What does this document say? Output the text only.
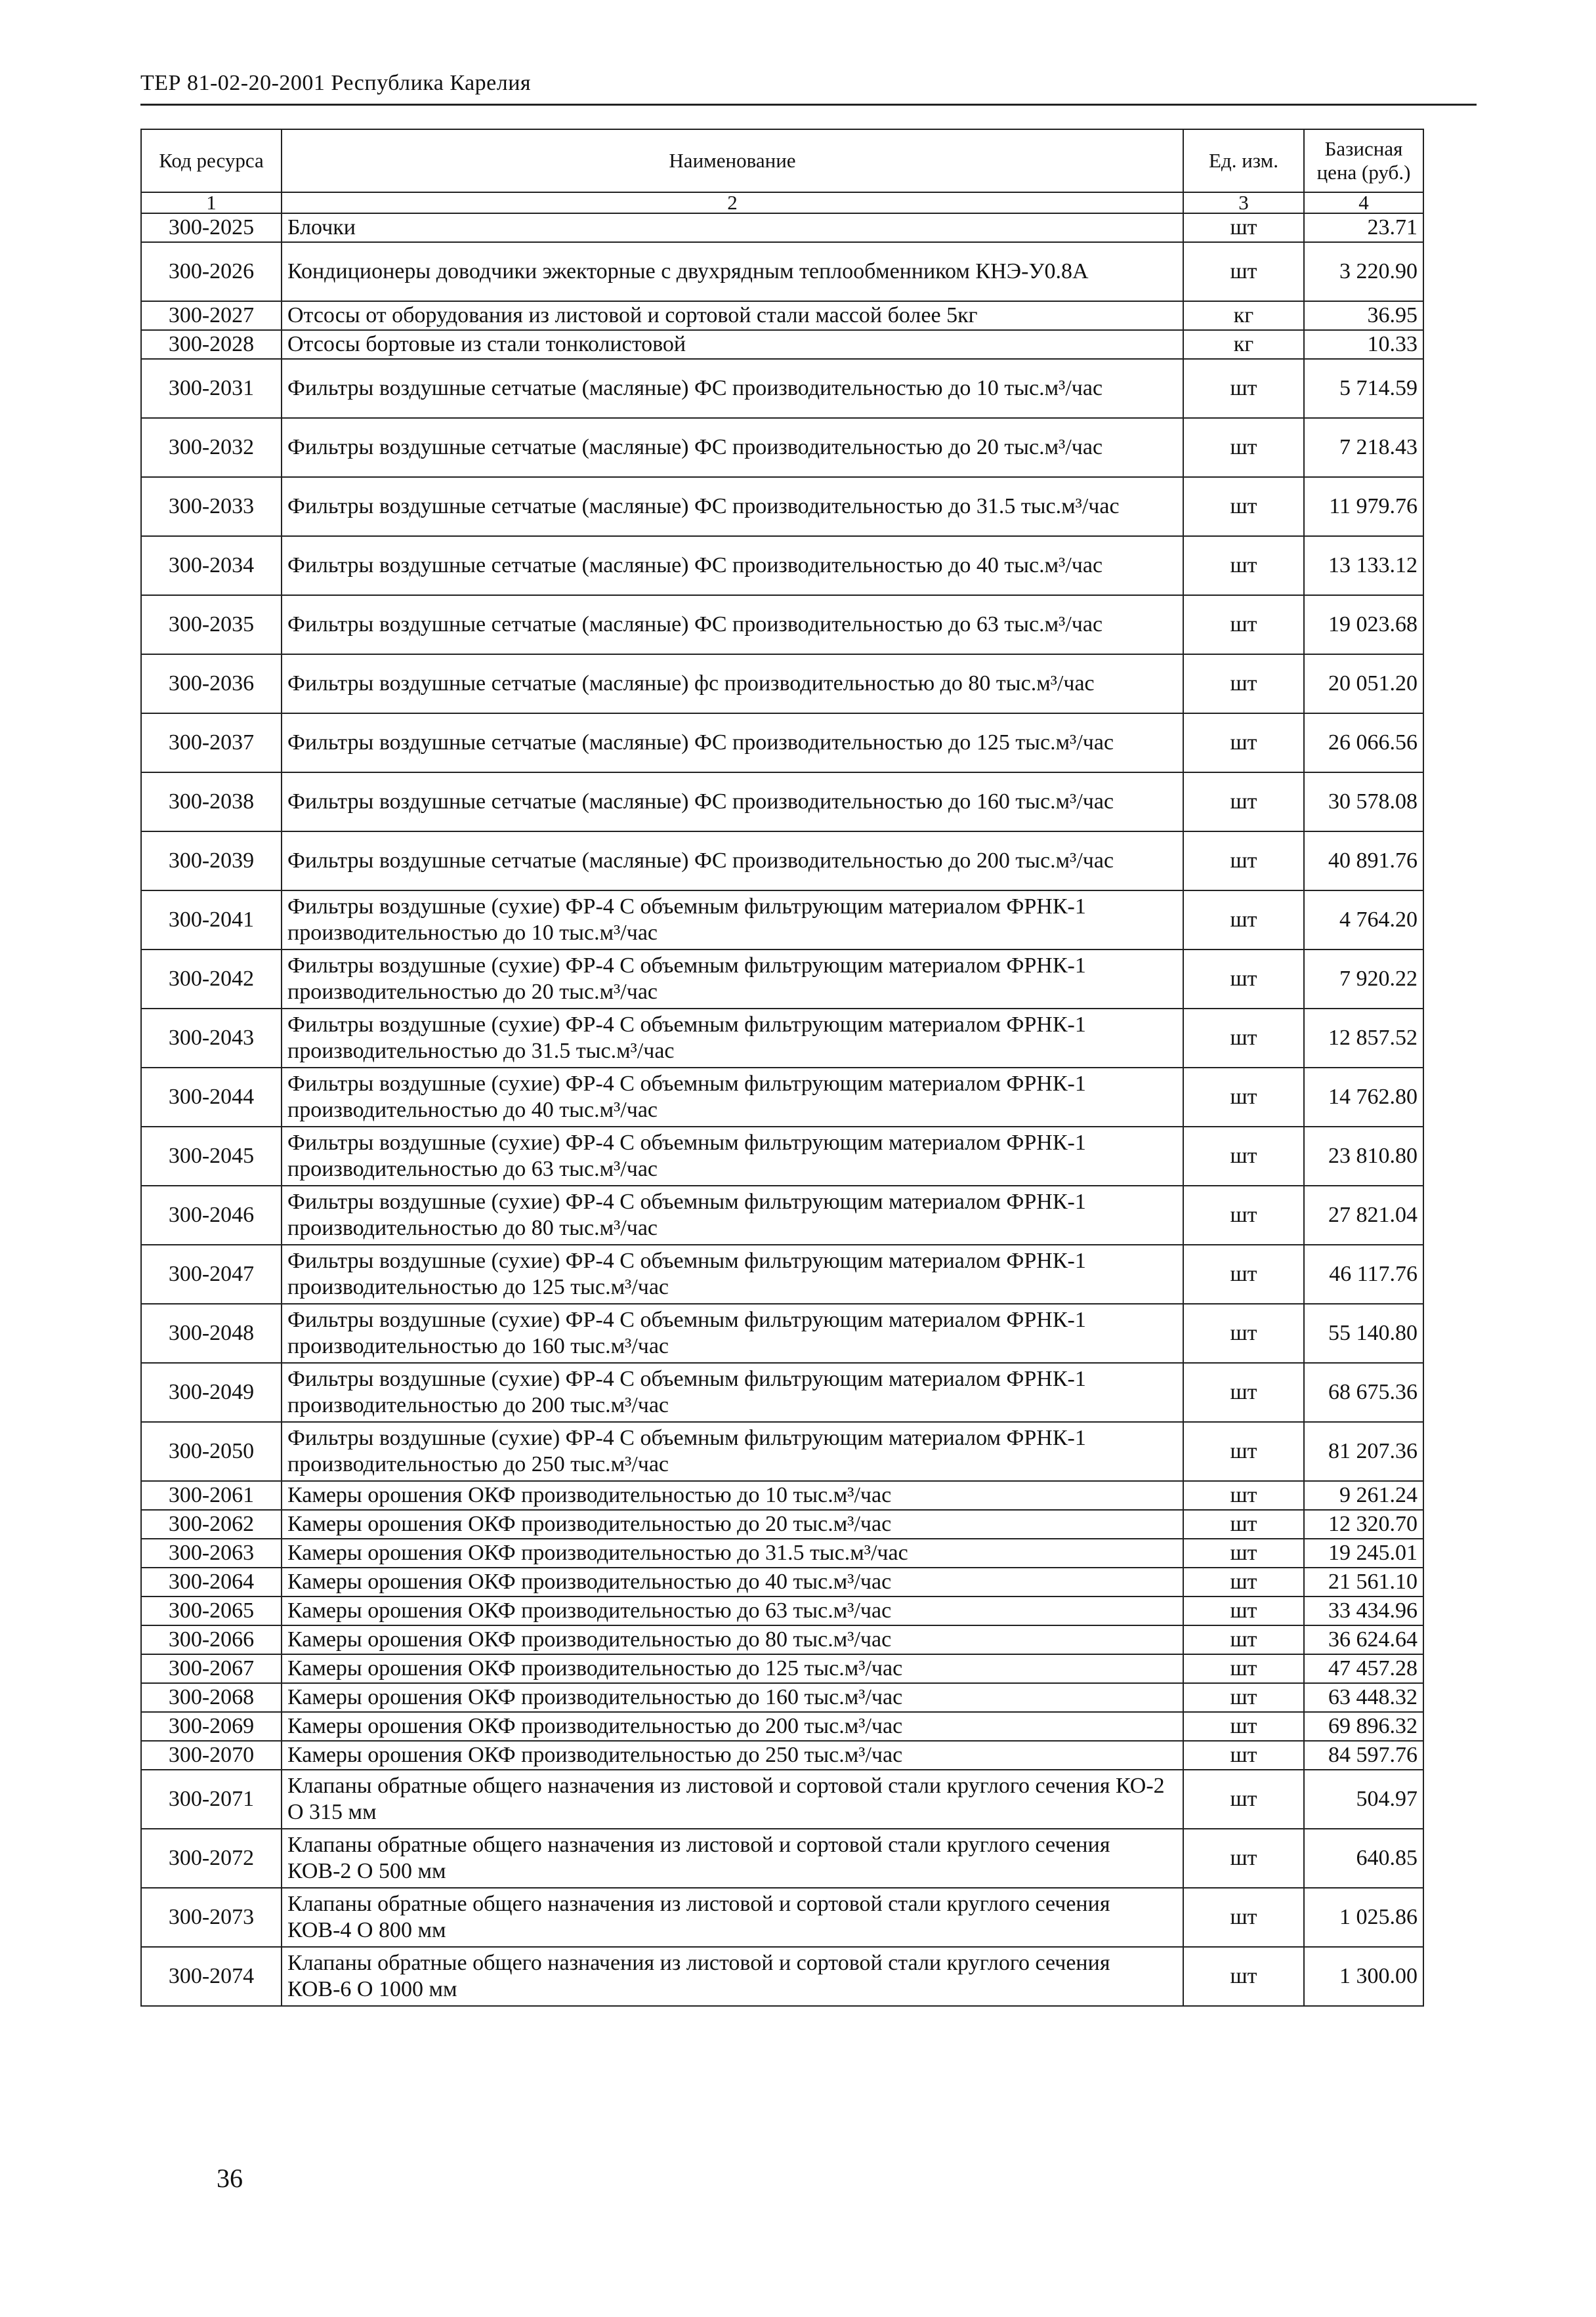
ТЕР 81-02-20-2001 Республика Карелия
Код ресурса	Наименование	Ед. изм.	Базисная цена (руб.)
1	2	3	4
300-2025	Блочки	шт	23.71
300-2026	Кондиционеры доводчики эжекторные с двухрядным теплообменником КНЭ-У0.8А	шт	3 220.90
300-2027	Отсосы от оборудования из листовой и сортовой стали массой более 5кг	кг	36.95
300-2028	Отсосы бортовые из стали тонколистовой	кг	10.33
300-2031	Фильтры воздушные сетчатые (масляные) ФС производительностью до 10 тыс.м³/час	шт	5 714.59
300-2032	Фильтры воздушные сетчатые (масляные) ФС производительностью до 20 тыс.м³/час	шт	7 218.43
300-2033	Фильтры воздушные сетчатые (масляные) ФС производительностью до 31.5 тыс.м³/час	шт	11 979.76
300-2034	Фильтры воздушные сетчатые (масляные) ФС производительностью до 40 тыс.м³/час	шт	13 133.12
300-2035	Фильтры воздушные сетчатые (масляные) ФС производительностью до 63 тыс.м³/час	шт	19 023.68
300-2036	Фильтры воздушные сетчатые (масляные) фс производительностью до 80 тыс.м³/час	шт	20 051.20
300-2037	Фильтры воздушные сетчатые (масляные) ФС производительностью до 125 тыс.м³/час	шт	26 066.56
300-2038	Фильтры воздушные сетчатые (масляные) ФС производительностью до 160 тыс.м³/час	шт	30 578.08
300-2039	Фильтры воздушные сетчатые (масляные) ФС производительностью до 200 тыс.м³/час	шт	40 891.76
300-2041	Фильтры воздушные (сухие) ФР-4 С объемным фильтрующим материалом ФРНК-1 производительностью до 10 тыс.м³/час	шт	4 764.20
300-2042	Фильтры воздушные (сухие) ФР-4 С объемным фильтрующим материалом ФРНК-1 производительностью до 20 тыс.м³/час	шт	7 920.22
300-2043	Фильтры воздушные (сухие) ФР-4 С объемным фильтрующим материалом ФРНК-1 производительностью до 31.5 тыс.м³/час	шт	12 857.52
300-2044	Фильтры воздушные (сухие) ФР-4 С объемным фильтрующим материалом ФРНК-1 производительностью до 40 тыс.м³/час	шт	14 762.80
300-2045	Фильтры воздушные (сухие) ФР-4 С объемным фильтрующим материалом ФРНК-1 производительностью до 63 тыс.м³/час	шт	23 810.80
300-2046	Фильтры воздушные (сухие) ФР-4 С объемным фильтрующим материалом ФРНК-1 производительностью до 80 тыс.м³/час	шт	27 821.04
300-2047	Фильтры воздушные (сухие) ФР-4 С объемным фильтрующим материалом ФРНК-1 производительностью до 125 тыс.м³/час	шт	46 117.76
300-2048	Фильтры воздушные (сухие) ФР-4 С объемным фильтрующим материалом ФРНК-1 производительностью до 160 тыс.м³/час	шт	55 140.80
300-2049	Фильтры воздушные (сухие) ФР-4 С объемным фильтрующим материалом ФРНК-1 производительностью до 200 тыс.м³/час	шт	68 675.36
300-2050	Фильтры воздушные (сухие) ФР-4 С объемным фильтрующим материалом ФРНК-1 производительностью до 250 тыс.м³/час	шт	81 207.36
300-2061	Камеры орошения ОКФ производительностью до 10 тыс.м³/час	шт	9 261.24
300-2062	Камеры орошения ОКФ производительностью до 20 тыс.м³/час	шт	12 320.70
300-2063	Камеры орошения ОКФ производительностью до 31.5 тыс.м³/час	шт	19 245.01
300-2064	Камеры орошения ОКФ производительностью до 40 тыс.м³/час	шт	21 561.10
300-2065	Камеры орошения ОКФ производительностью до 63 тыс.м³/час	шт	33 434.96
300-2066	Камеры орошения ОКФ производительностью до 80 тыс.м³/час	шт	36 624.64
300-2067	Камеры орошения ОКФ производительностью до 125 тыс.м³/час	шт	47 457.28
300-2068	Камеры орошения ОКФ производительностью до 160 тыс.м³/час	шт	63 448.32
300-2069	Камеры орошения ОКФ производительностью до 200 тыс.м³/час	шт	69 896.32
300-2070	Камеры орошения ОКФ производительностью до 250 тыс.м³/час	шт	84 597.76
300-2071	Клапаны обратные общего назначения из листовой и сортовой стали круглого сечения КО-2 О 315 мм	шт	504.97
300-2072	Клапаны обратные общего назначения из листовой и сортовой стали круглого сечения КОВ-2 О 500 мм	шт	640.85
300-2073	Клапаны обратные общего назначения из листовой и сортовой стали круглого сечения КОВ-4 О 800 мм	шт	1 025.86
300-2074	Клапаны обратные общего назначения из листовой и сортовой стали круглого сечения КОВ-6 О 1000 мм	шт	1 300.00
36
